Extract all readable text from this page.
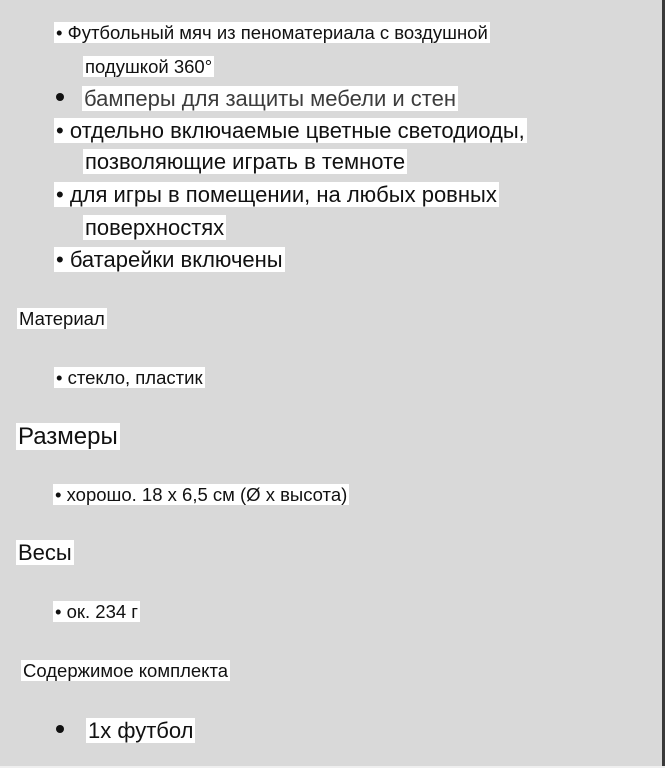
• Футбольный мяч из пеноматериала с воздушной
подушкой 360°
бамперы для защиты мебели и стен
• отдельно включаемые цветные светодиоды,
позволяющие играть в темноте
• для игры в помещении, на любых ровных
поверхностях
• батарейки включены
Материал
• стекло, пластик
Размеры
• хорошо. 18 х 6,5 см (Ø х высота)
Весы
• ок. 234 г
Содержимое комплекта
1х футбол
